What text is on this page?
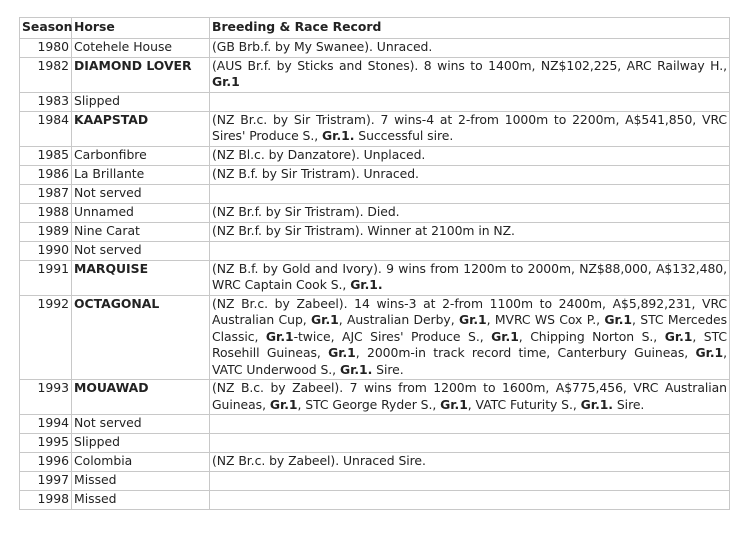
Season	Horse	Breeding & Race Record
1980	Cotehele House	(GB Brb.f. by My Swanee). Unraced.
1982	DIAMOND LOVER	(AUS Br.f. by Sticks and Stones). 8 wins to 1400m, NZ$102,225, ARC Railway H., Gr.1
1983	Slipped	
1984	KAAPSTAD	(NZ Br.c. by Sir Tristram). 7 wins-4 at 2-from 1000m to 2200m, A$541,850, VRC Sires' Produce S., Gr.1. Successful sire.
1985	Carbonfibre	(NZ Bl.c. by Danzatore). Unplaced.
1986	La Brillante	(NZ B.f. by Sir Tristram). Unraced.
1987	Not served	
1988	Unnamed	(NZ Br.f. by Sir Tristram). Died.
1989	Nine Carat	(NZ Br.f. by Sir Tristram). Winner at 2100m in NZ.
1990	Not served	
1991	MARQUISE	(NZ B.f. by Gold and Ivory). 9 wins from 1200m to 2000m, NZ$88,000, A$132,480, WRC Captain Cook S., Gr.1.
1992	OCTAGONAL	(NZ Br.c. by Zabeel). 14 wins-3 at 2-from 1100m to 2400m, A$5,892,231, VRC Australian Cup, Gr.1, Australian Derby, Gr.1, MVRC WS Cox P., Gr.1, STC Mercedes Classic, Gr.1-twice, AJC Sires' Produce S., Gr.1, Chipping Norton S., Gr.1, STC Rosehill Guineas, Gr.1, 2000m-in track record time, Canterbury Guineas, Gr.1, VATC Underwood S., Gr.1. Sire.
1993	MOUAWAD	(NZ B.c. by Zabeel). 7 wins from 1200m to 1600m, A$775,456, VRC Australian Guineas, Gr.1, STC George Ryder S., Gr.1, VATC Futurity S., Gr.1. Sire.
1994	Not served	
1995	Slipped	
1996	Colombia	(NZ Br.c. by Zabeel). Unraced Sire.
1997	Missed	
1998	Missed	
